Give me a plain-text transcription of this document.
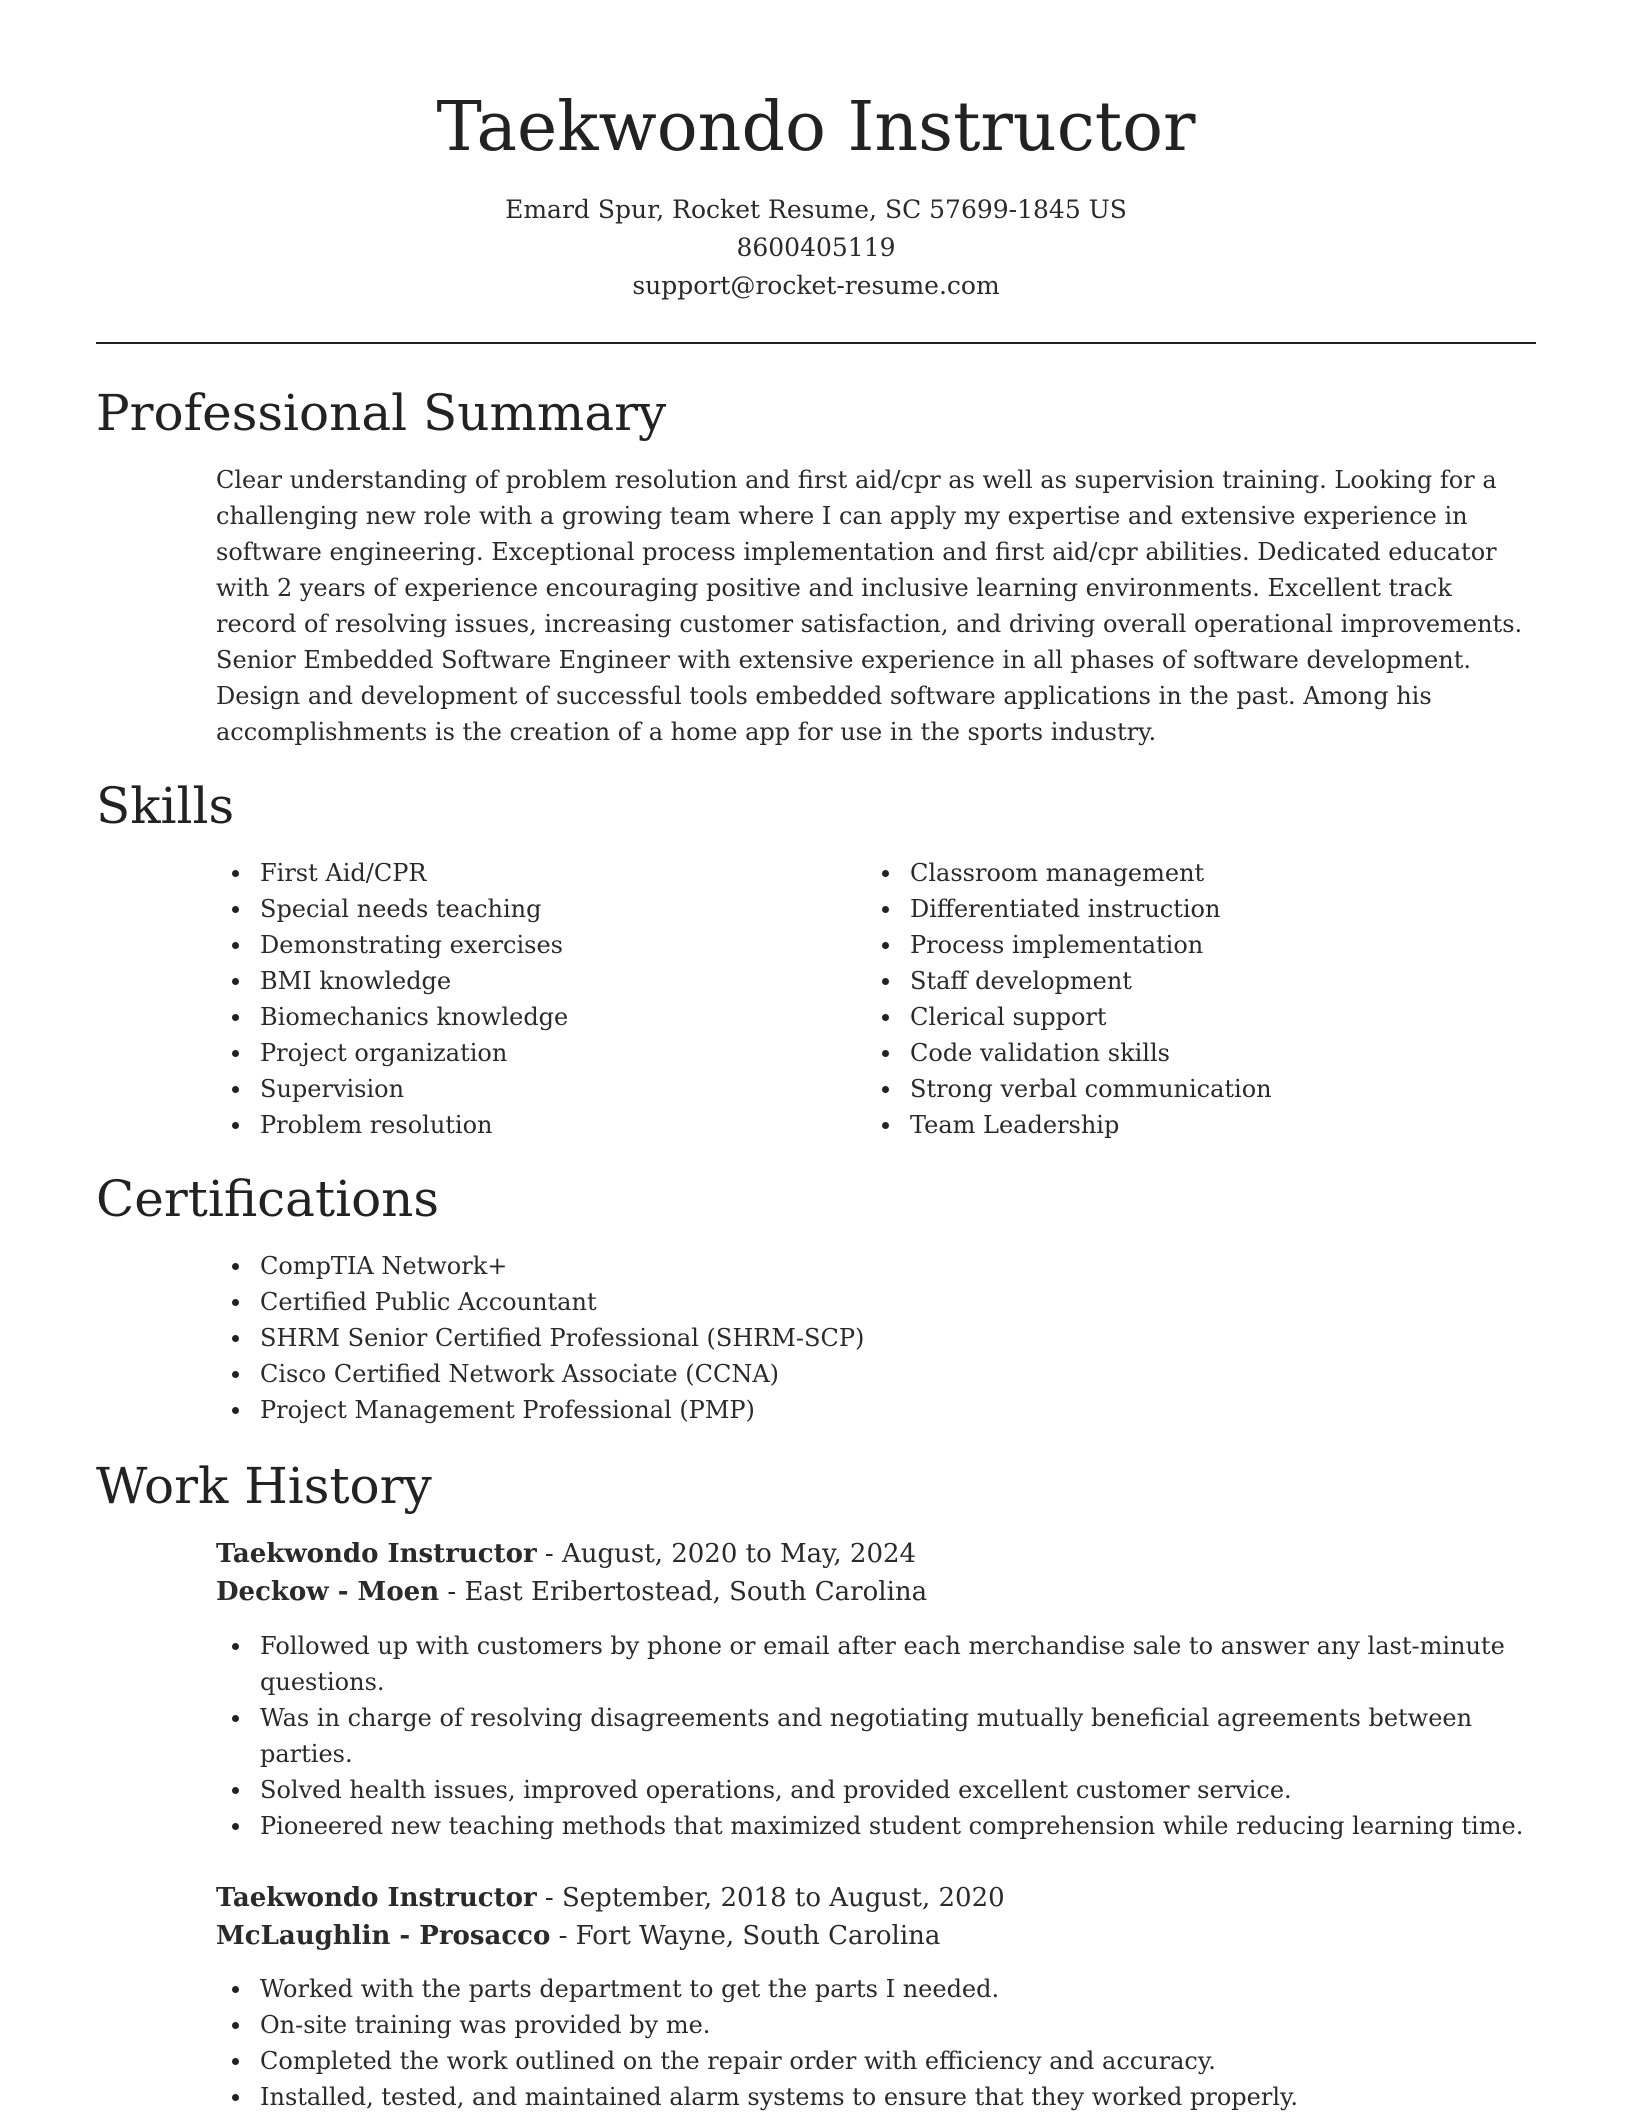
Taekwondo Instructor
Emard Spur, Rocket Resume, SC 57699-1845 US
8600405119
support@rocket-resume.com
Professional Summary

Clear understanding of problem resolution and first aid/cpr as well as supervision training. Looking for a challenging new role with a growing team where I can apply my expertise and extensive experience in software engineering. Exceptional process implementation and first aid/cpr abilities. Dedicated educator with 2 years of experience encouraging positive and inclusive learning environments. Excellent track record of resolving issues, increasing customer satisfaction, and driving overall operational improvements. Senior Embedded Software Engineer with extensive experience in all phases of software development. Design and development of successful tools embedded software applications in the past. Among his accomplishments is the creation of a home app for use in the sports industry.

Skills
First Aid/CPR
Special needs teaching
Demonstrating exercises
BMI knowledge
Biomechanics knowledge
Project organization
Supervision
Problem resolution
Classroom management
Differentiated instruction
Process implementation
Staff development
Clerical support
Code validation skills
Strong verbal communication
Team Leadership
Certifications
CompTIA Network+
Certified Public Accountant
SHRM Senior Certified Professional (SHRM-SCP)
Cisco Certified Network Associate (CCNA)
Project Management Professional (PMP)
Work History
Taekwondo Instructor - August, 2020 to May, 2024
Deckow - Moen - East Eribertostead, South Carolina
Followed up with customers by phone or email after each merchandise sale to answer any last-minute questions.
Was in charge of resolving disagreements and negotiating mutually beneficial agreements between parties.
Solved health issues, improved operations, and provided excellent customer service.
Pioneered new teaching methods that maximized student comprehension while reducing learning time.
Taekwondo Instructor - September, 2018 to August, 2020
McLaughlin - Prosacco - Fort Wayne, South Carolina
Worked with the parts department to get the parts I needed.
On-site training was provided by me.
Completed the work outlined on the repair order with efficiency and accuracy.
Installed, tested, and maintained alarm systems to ensure that they worked properly.
